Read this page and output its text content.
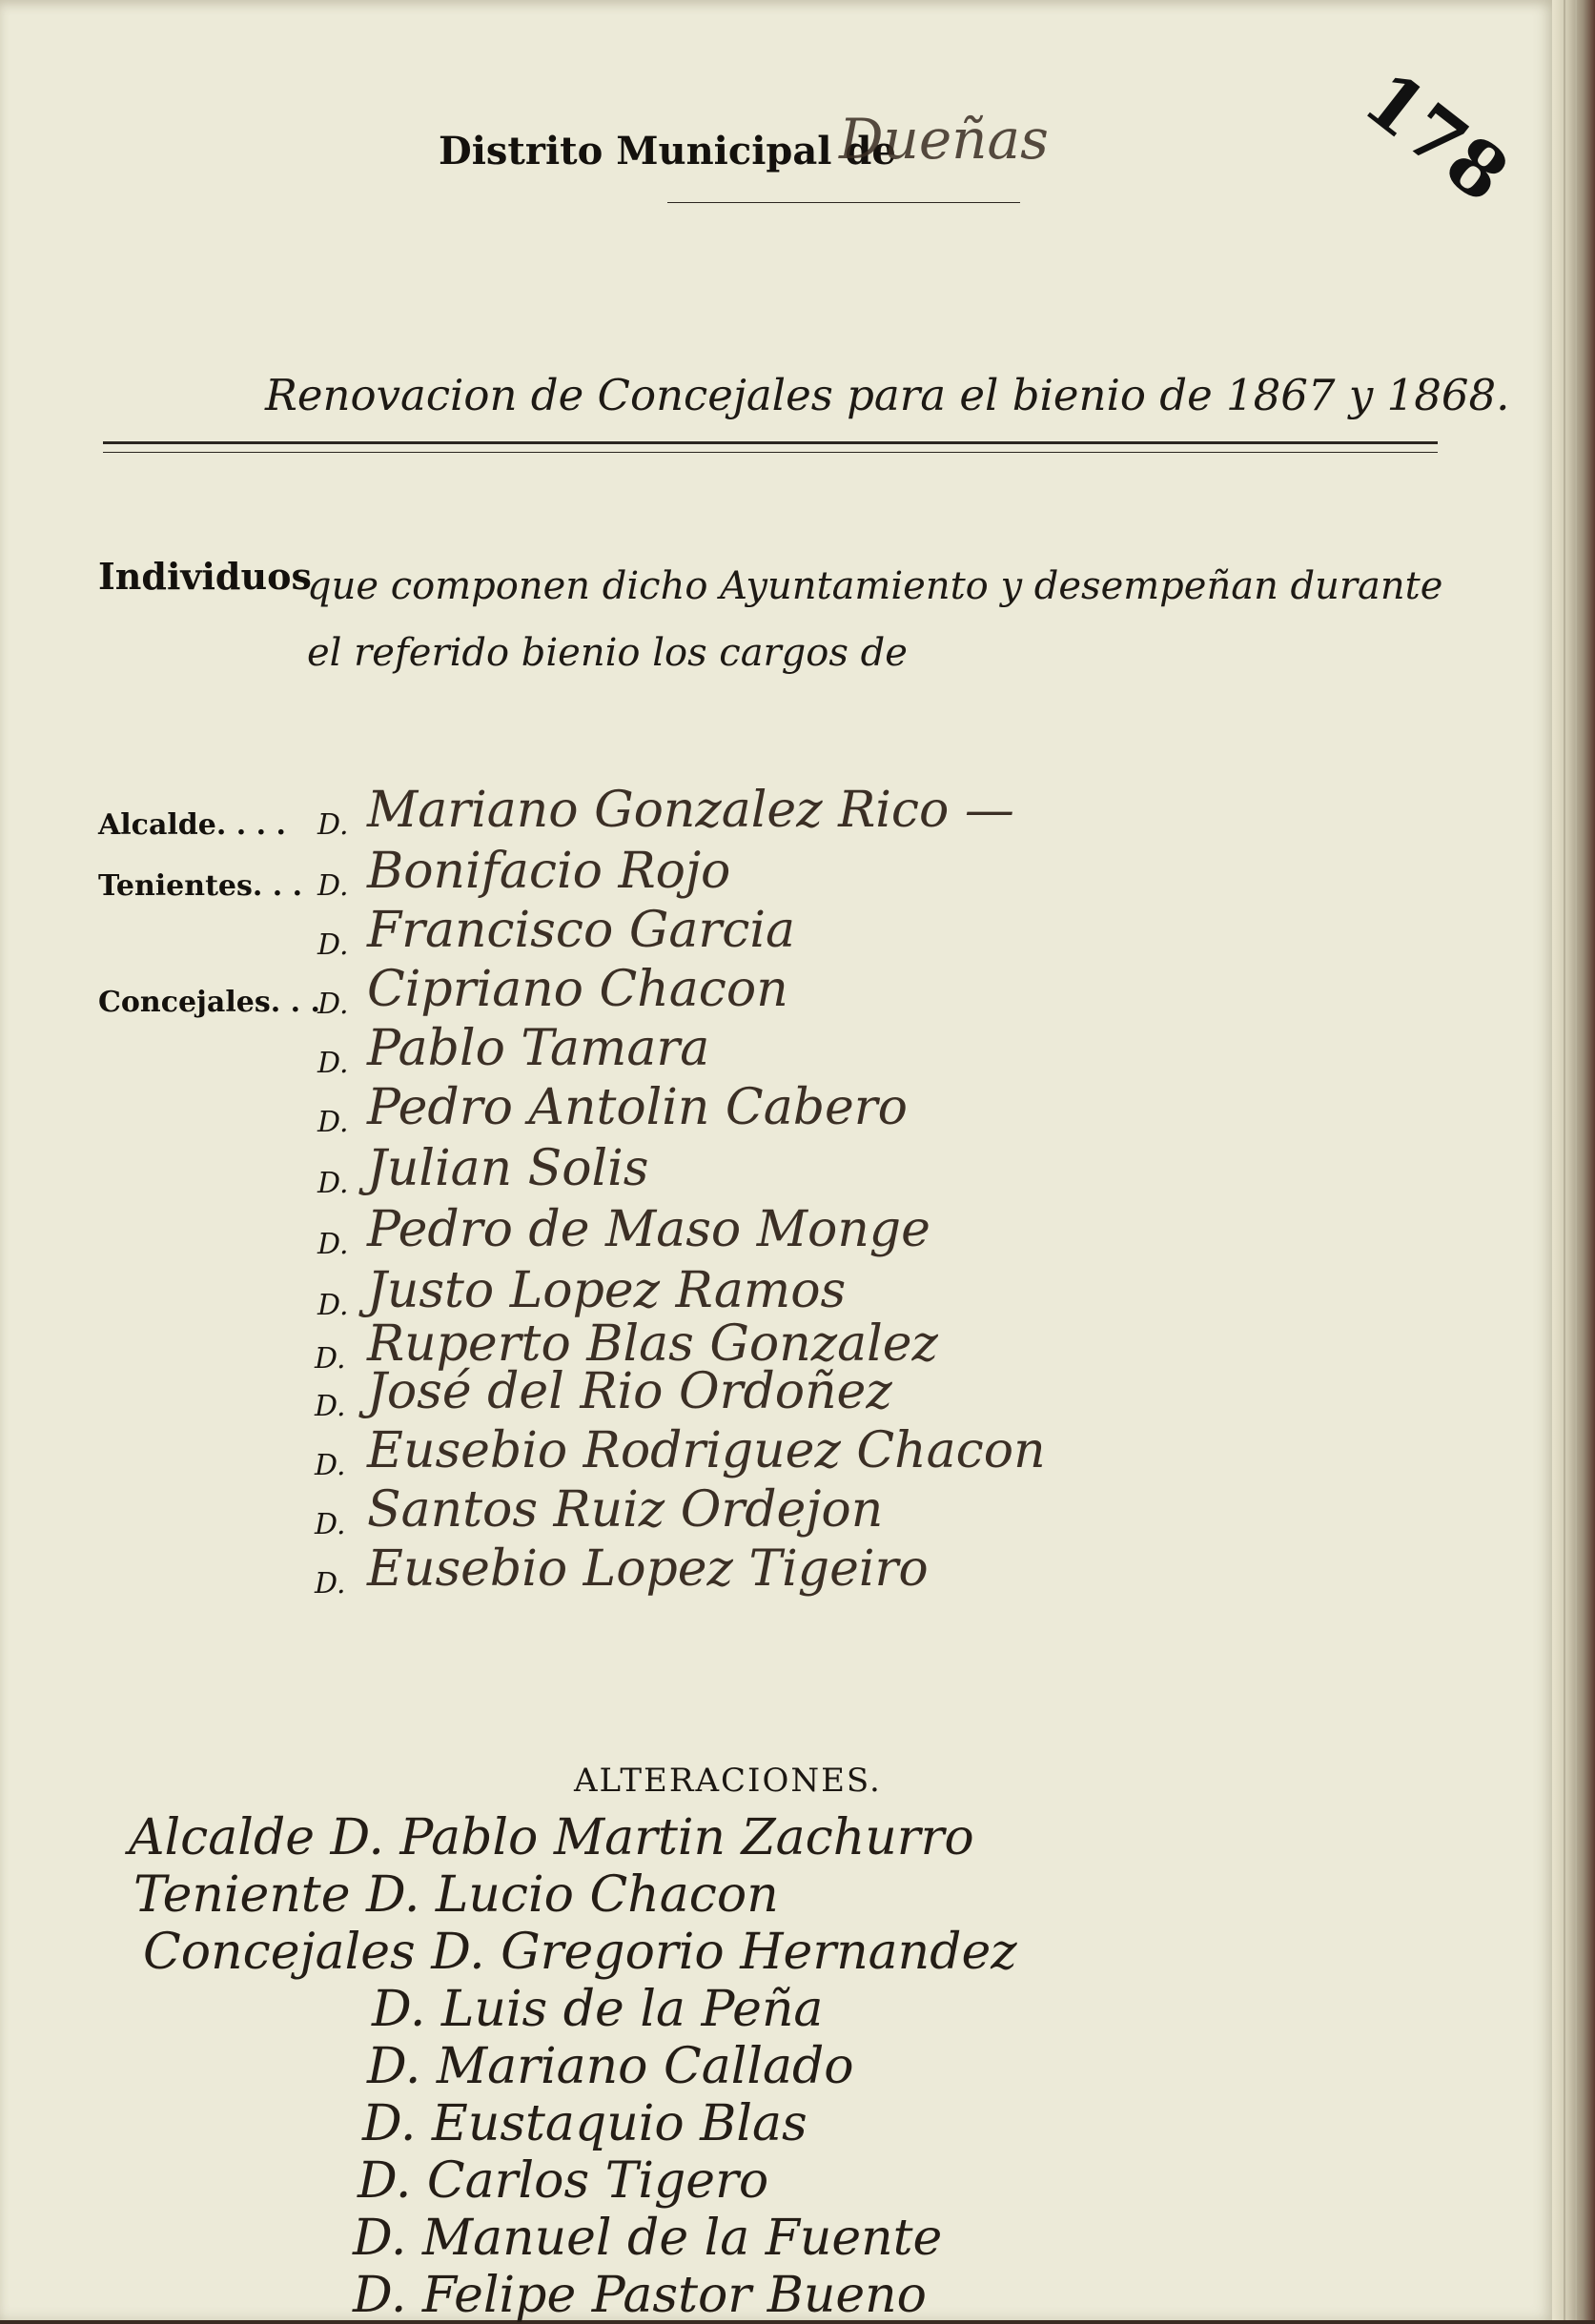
178
Distrito Municipal de
Dueñas
Renovacion de Concejales para el bienio de 1867 y 1868.
Individuos
que componen dicho Ayuntamiento y desempeñan durante
el referido bienio los cargos de
Alcalde. . . .
Tenientes. . .
Concejales. . .
D. Mariano Gonzalez Rico —
D. Bonifacio Rojo
D. Francisco Garcia
D. Cipriano Chacon
D. Pablo Tamara
D. Pedro Antolin Cabero
D. Julian Solis
D. Pedro de Maso Monge
D. Justo Lopez Ramos
D. Ruperto Blas Gonzalez
D. José del Rio Ordoñez
D. Eusebio Rodriguez Chacon
D. Santos Ruiz Ordejon
D. Eusebio Lopez Tigeiro
ALTERACIONES.
Alcalde D. Pablo Martin Zachurro
Teniente D. Lucio Chacon
Concejales D. Gregorio Hernandez
D. Luis de la Peña
D. Mariano Callado
D. Eustaquio Blas
D. Carlos Tigero
D. Manuel de la Fuente
D. Felipe Pastor Bueno
